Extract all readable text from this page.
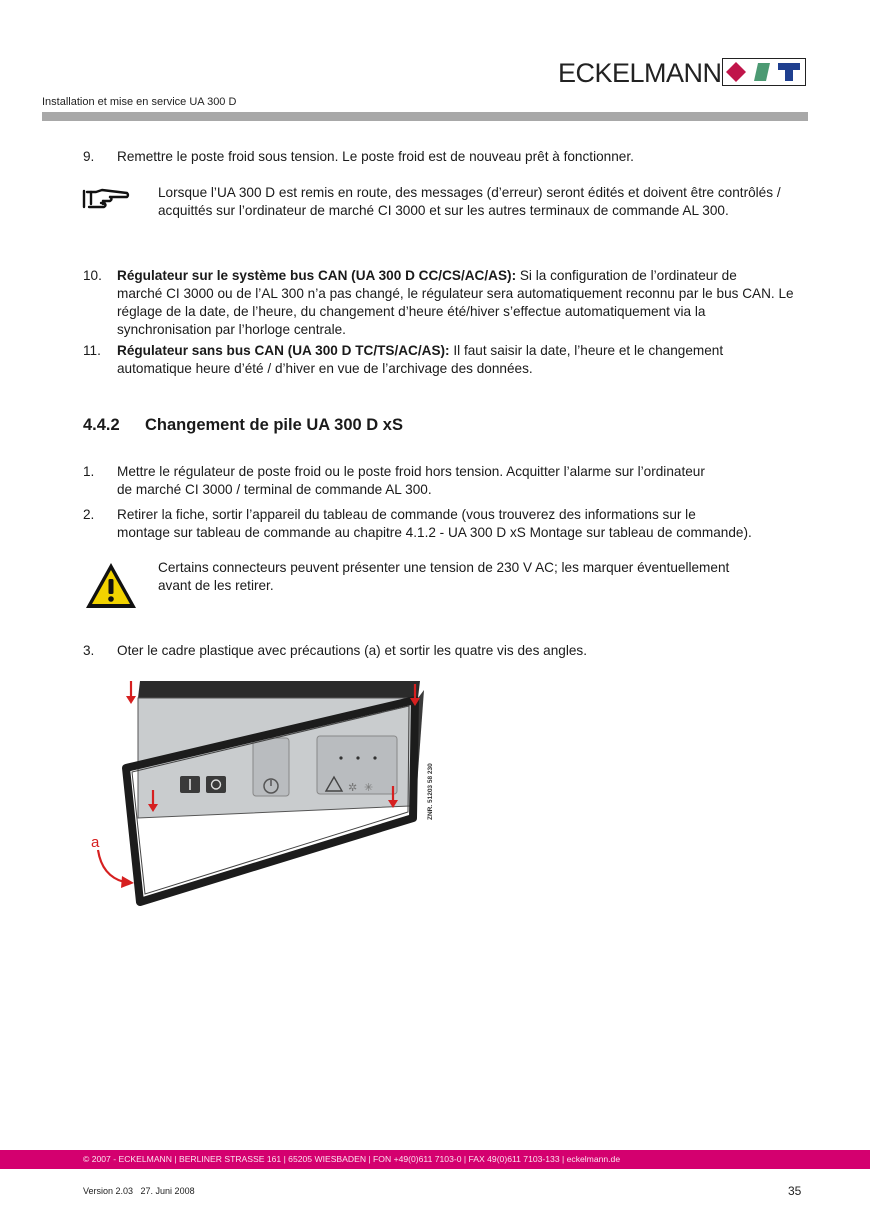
ECKELMANN
Installation et mise en service UA 300 D
9. Remettre le poste froid sous tension. Le poste froid est de nouveau prêt à fonctionner.
Lorsque l’UA 300 D est remis en route, des messages (d’erreur) seront édités et doivent être contrôlés / acquittés sur l’ordinateur de marché CI 3000 et sur les autres terminaux de commande AL 300.
10. Régulateur sur le système bus CAN (UA 300 D CC/CS/AC/AS): Si la configuration de l’ordinateur de
marché CI 3000 ou de l’AL 300 n’a pas changé, le régulateur sera automatiquement reconnu par le bus CAN. Le réglage de la date, de l’heure, du changement d’heure été/hiver s’effectue automatiquement via la synchronisation par l’horloge centrale.
11. Régulateur sans bus CAN (UA 300 D TC/TS/AC/AS): Il faut saisir la date, l’heure et le changement
automatique heure d’été / d’hiver en vue de l’archivage des données.
4.4.2 Changement de pile UA 300 D xS
1. Mettre le régulateur de poste froid ou le poste froid hors tension. Acquitter l’alarme sur l’ordinateur
de marché CI 3000 / terminal de commande AL 300.
2. Retirer la fiche, sortir l’appareil du tableau de commande (vous trouverez des informations sur le
montage sur tableau de commande au chapitre 4.1.2 - UA 300 D xS Montage sur tableau de commande).
Certains connecteurs peuvent présenter une tension de 230 V AC; les marquer éventuellement
avant de les retirer.
3. Oter le cadre plastique avec précautions (a) et sortir les quatre vis des angles.
✲ ✳
a
ZNR. 51203 58 230
© 2007 - ECKELMANN | BERLINER STRASSE 161 | 65205 WIESBADEN | FON +49(0)611 7103-0 | FAX 49(0)611 7103-133 | eckelmann.de
Version 2.03   27. Juni 2008	35
